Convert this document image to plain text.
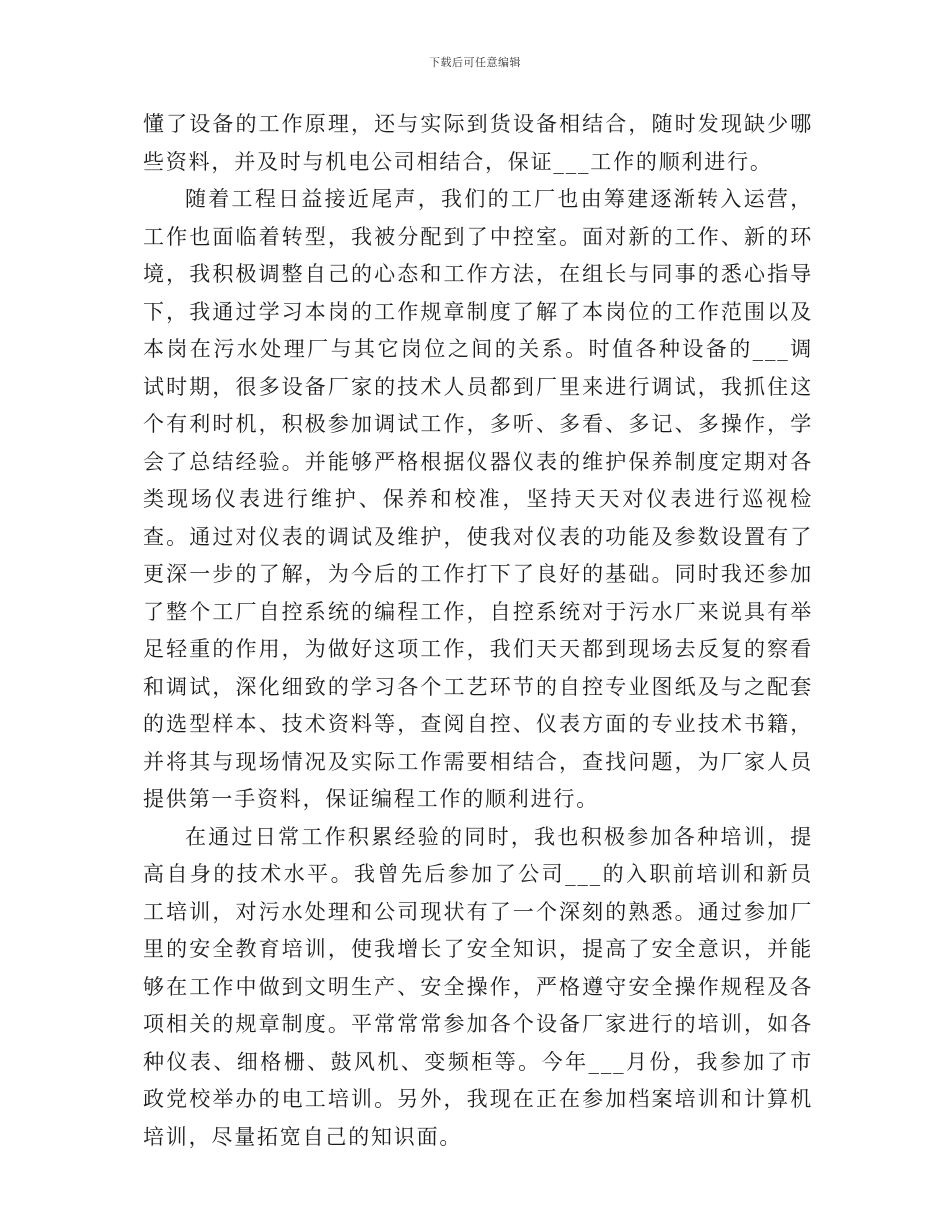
下载后可任意编辑

懂了设备的工作原理，还与实际到货设备相结合，随时发现缺少哪些资料，并及时与机电公司相结合，保证___工作的顺利进行。

随着工程日益接近尾声，我们的工厂也由筹建逐渐转入运营，工作也面临着转型，我被分配到了中控室。面对新的工作、新的环境，我积极调整自己的心态和工作方法，在组长与同事的悉心指导下，我通过学习本岗的工作规章制度了解了本岗位的工作范围以及本岗在污水处理厂与其它岗位之间的关系。时值各种设备的___调试时期，很多设备厂家的技术人员都到厂里来进行调试，我抓住这个有利时机，积极参加调试工作，多听、多看、多记、多操作，学会了总结经验。并能够严格根据仪器仪表的维护保养制度定期对各类现场仪表进行维护、保养和校准，坚持天天对仪表进行巡视检查。通过对仪表的调试及维护，使我对仪表的功能及参数设置有了更深一步的了解，为今后的工作打下了良好的基础。同时我还参加了整个工厂自控系统的编程工作，自控系统对于污水厂来说具有举足轻重的作用，为做好这项工作，我们天天都到现场去反复的察看和调试，深化细致的学习各个工艺环节的自控专业图纸及与之配套的选型样本、技术资料等，查阅自控、仪表方面的专业技术书籍，并将其与现场情况及实际工作需要相结合，查找问题，为厂家人员提供第一手资料，保证编程工作的顺利进行。

在通过日常工作积累经验的同时，我也积极参加各种培训，提高自身的技术水平。我曾先后参加了公司___的入职前培训和新员工培训，对污水处理和公司现状有了一个深刻的熟悉。通过参加厂里的安全教育培训，使我增长了安全知识，提高了安全意识，并能够在工作中做到文明生产、安全操作，严格遵守安全操作规程及各项相关的规章制度。平常常常参加各个设备厂家进行的培训，如各种仪表、细格栅、鼓风机、变频柜等。今年___月份，我参加了市政党校举办的电工培训。另外，我现在正在参加档案培训和计算机培训，尽量拓宽自己的知识面。
